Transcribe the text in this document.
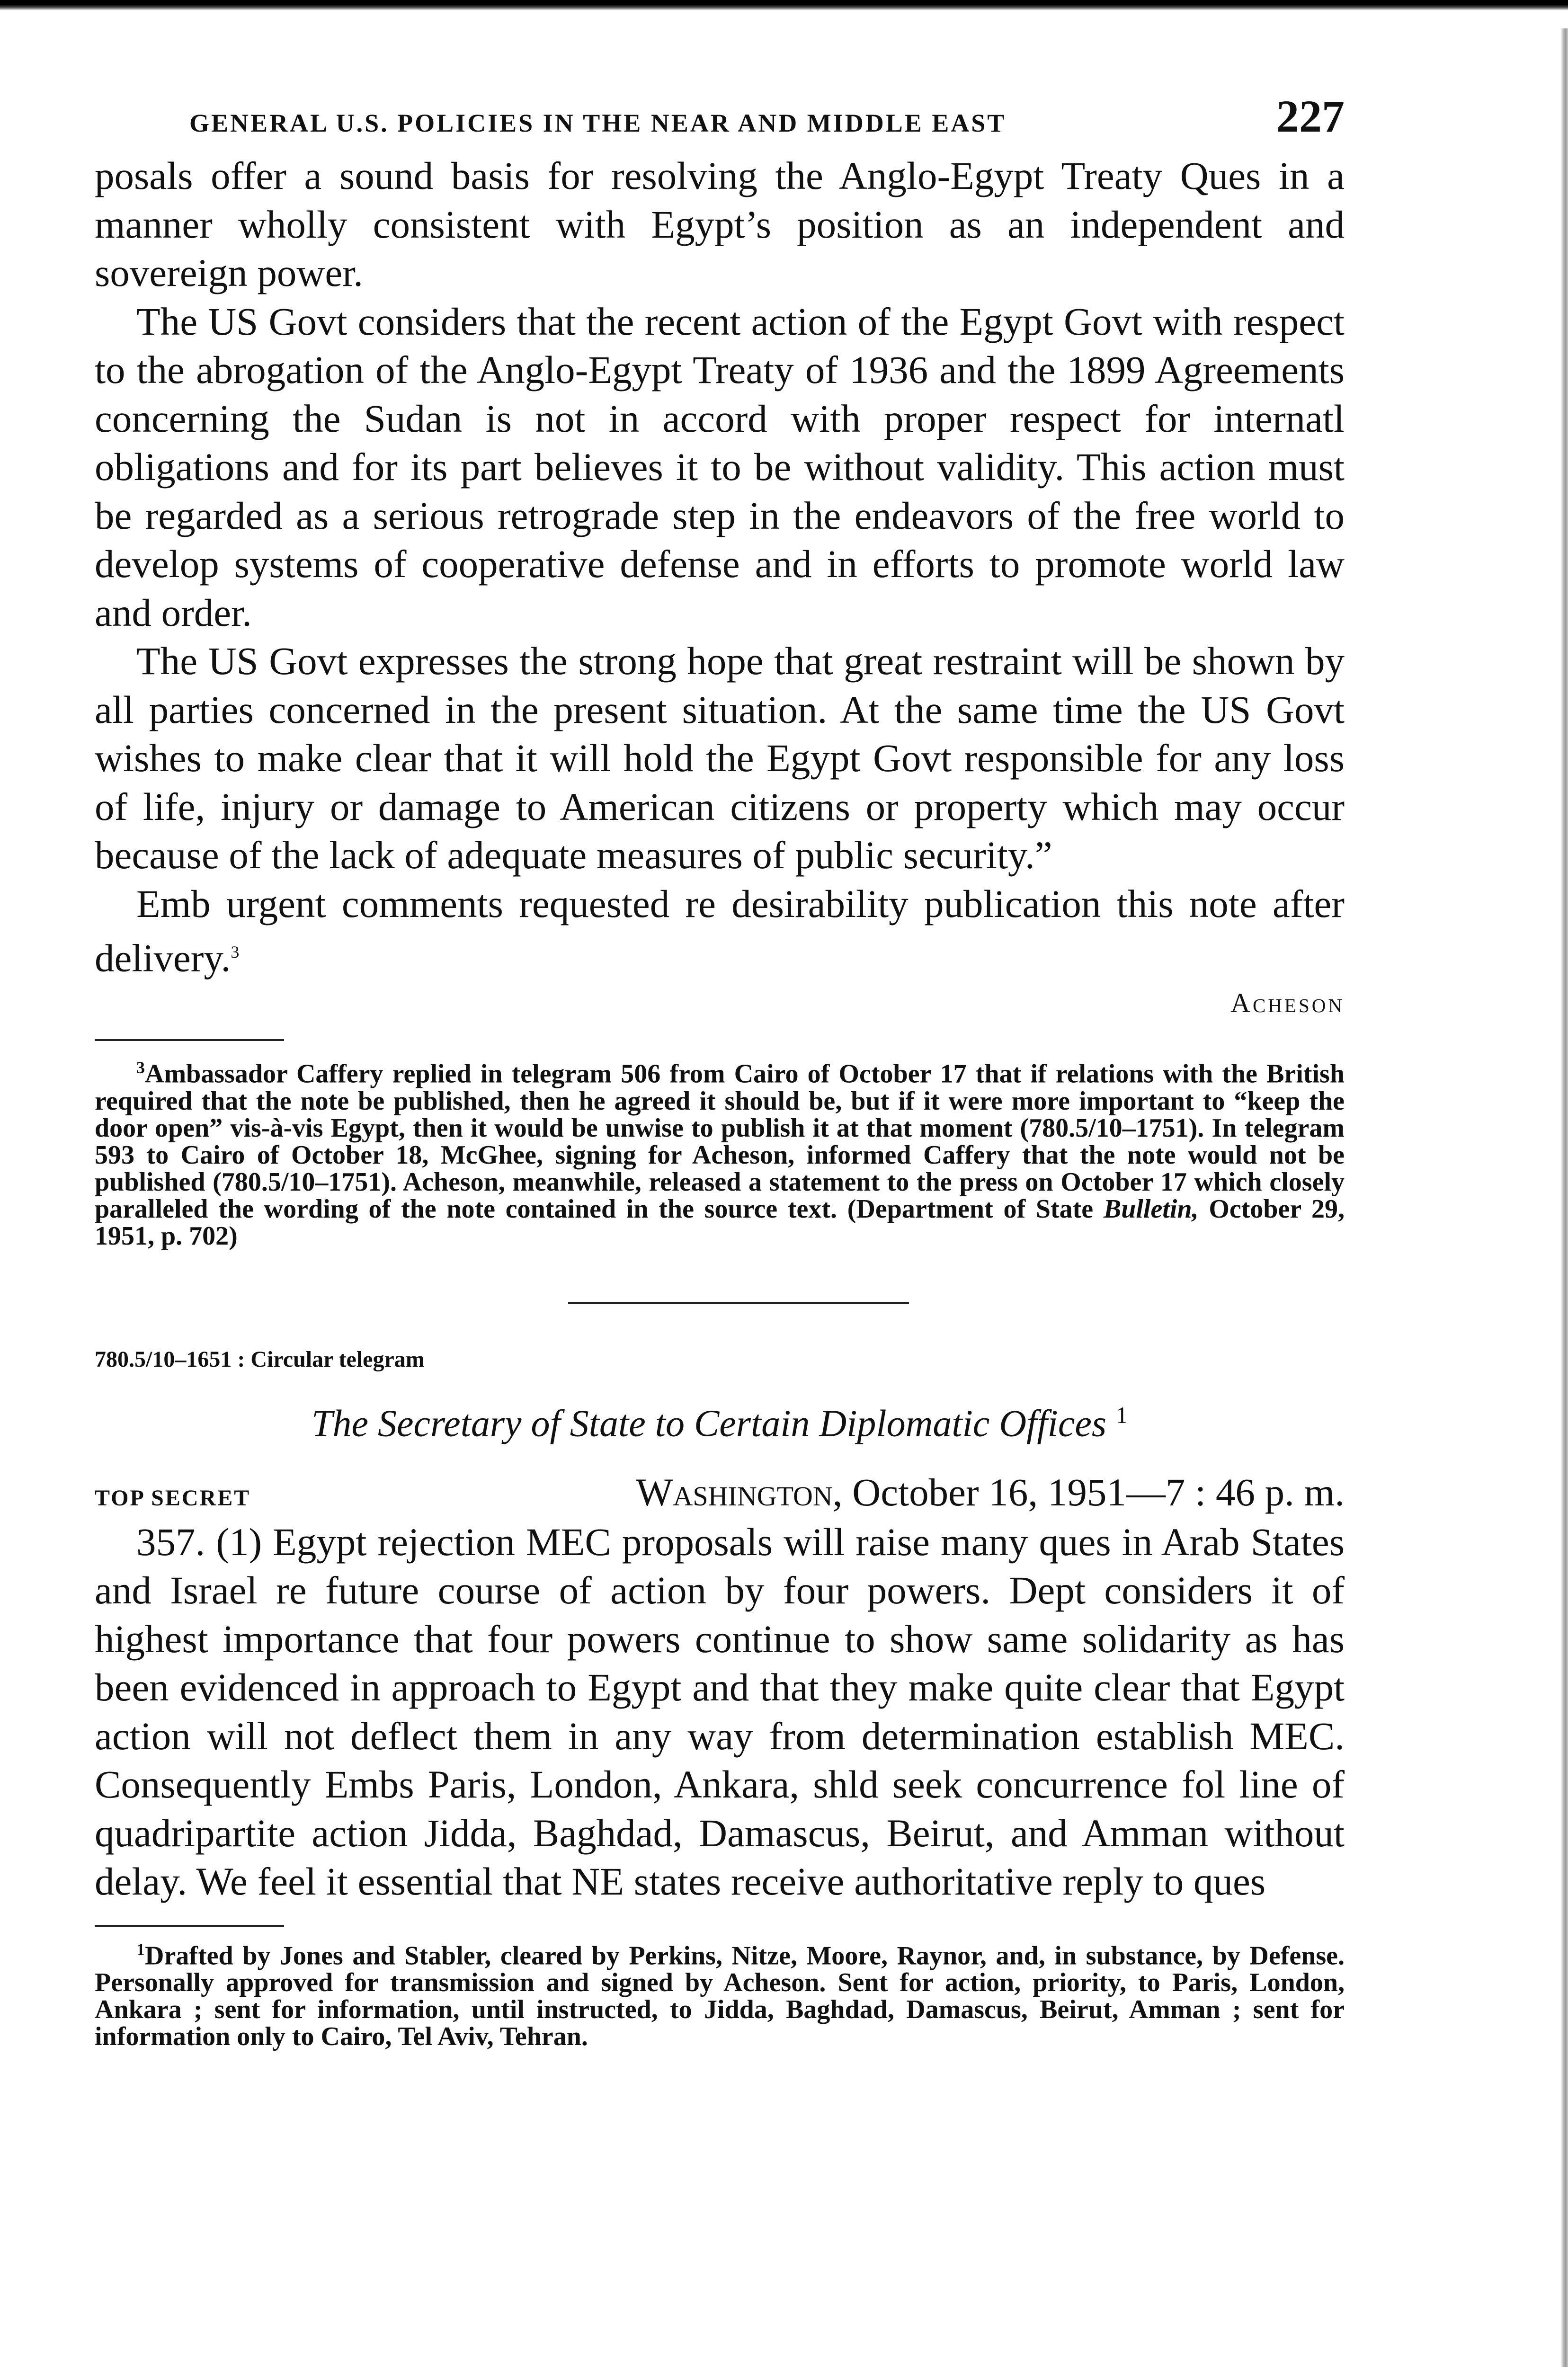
GENERAL U.S. POLICIES IN THE NEAR AND MIDDLE EAST	227

posals offer a sound basis for resolving the Anglo-Egypt Treaty Ques in a manner wholly consistent with Egypt’s position as an independent and sovereign power.

The US Govt considers that the recent action of the Egypt Govt with respect to the abrogation of the Anglo-Egypt Treaty of 1936 and the 1899 Agreements concerning the Sudan is not in accord with proper respect for internatl obligations and for its part believes it to be without validity. This action must be regarded as a serious retrograde step in the endeavors of the free world to develop systems of cooperative defense and in efforts to promote world law and order.

The US Govt expresses the strong hope that great restraint will be shown by all parties concerned in the present situation. At the same time the US Govt wishes to make clear that it will hold the Egypt Govt responsible for any loss of life, injury or damage to American citizens or property which may occur because of the lack of adequate measures of public security.”

Emb urgent comments requested re desirability publication this note after delivery.$^3$

Acheson

$^3$Ambassador Caffery replied in telegram 506 from Cairo of October 17 that if relations with the British required that the note be published, then he agreed it should be, but if it were more important to “keep the door open” vis-à-vis Egypt, then it would be unwise to publish it at that moment (780.5/10–1751). In telegram 593 to Cairo of October 18, McGhee, signing for Acheson, informed Caffery that the note would not be published (780.5/10–1751). Acheson, meanwhile, released a statement to the press on October 17 which closely paralleled the wording of the note contained in the source text. (Department of State Bulletin, October 29, 1951, p. 702)

780.5/10–1651 : Circular telegram
The Secretary of State to Certain Diplomatic Offices $^1$
TOP SECRET	Washington, October 16, 1951—7 : 46 p. m.

357. (1) Egypt rejection MEC proposals will raise many ques in Arab States and Israel re future course of action by four powers. Dept considers it of highest importance that four powers continue to show same solidarity as has been evidenced in approach to Egypt and that they make quite clear that Egypt action will not deflect them in any way from determination establish MEC. Consequently Embs Paris, London, Ankara, shld seek concurrence fol line of quadripartite action Jidda, Baghdad, Damascus, Beirut, and Amman without delay. We feel it essential that NE states receive authoritative reply to ques

$^1$Drafted by Jones and Stabler, cleared by Perkins, Nitze, Moore, Raynor, and, in substance, by Defense. Personally approved for transmission and signed by Acheson. Sent for action, priority, to Paris, London, Ankara ; sent for information, until instructed, to Jidda, Baghdad, Damascus, Beirut, Amman ; sent for information only to Cairo, Tel Aviv, Tehran.
